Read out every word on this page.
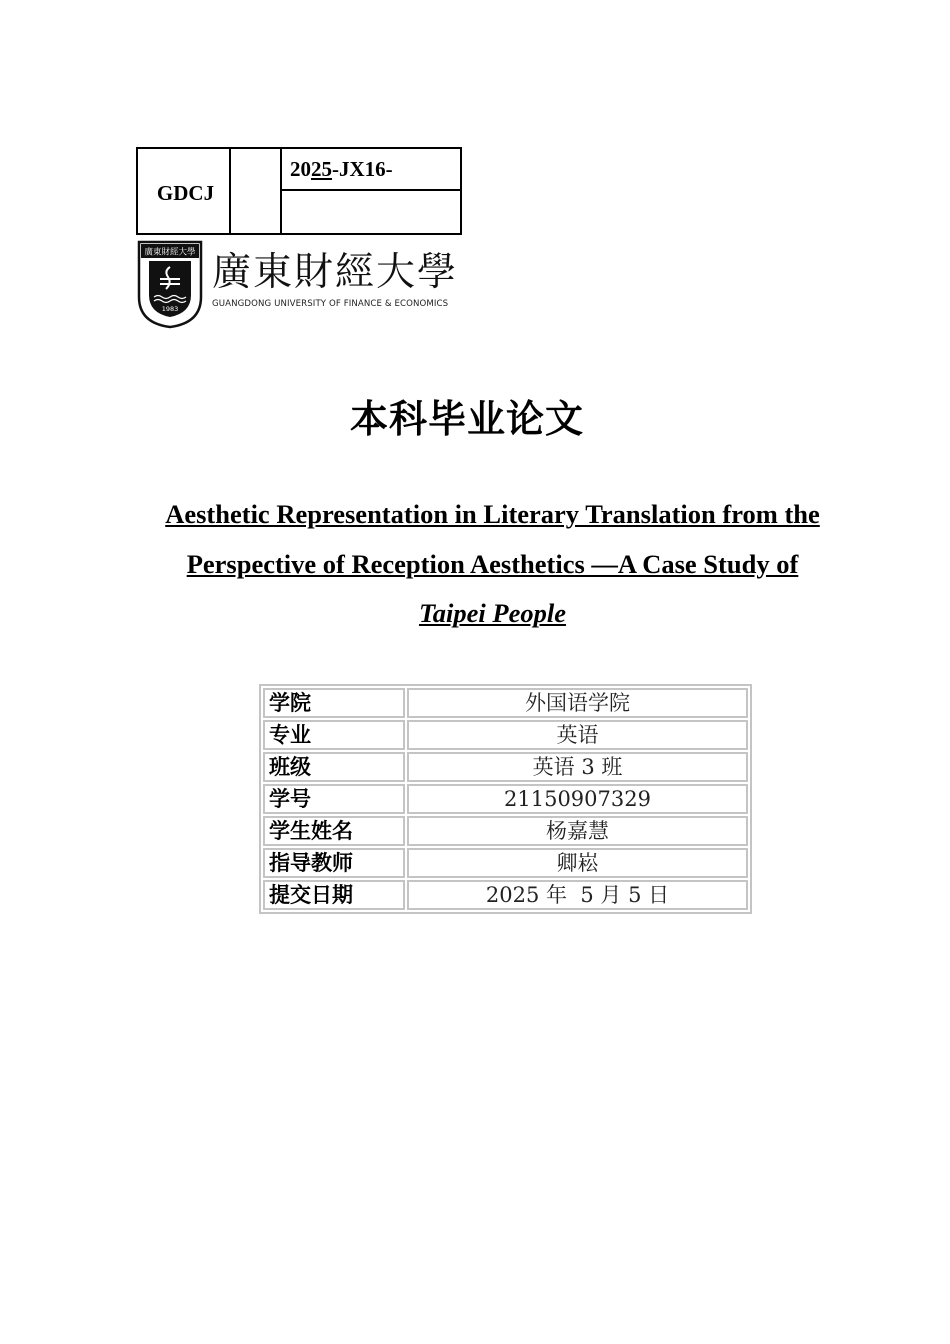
GDCJ
2025-JX16-
廣東財經大學
1983
廣東財經大學
GUANGDONG UNIVERSITY OF FINANCE & ECONOMICS
本科毕业论文
Aesthetic Representation in Literary Translation from the
Perspective of Reception Aesthetics —A Case Study of
Taipei People
学院	外国语学院
专业	英语
班级	英语 3 班
学号	21150907329
学生姓名	杨嘉慧
指导教师	卿崧
提交日期	2025 年  5 月 5 日
